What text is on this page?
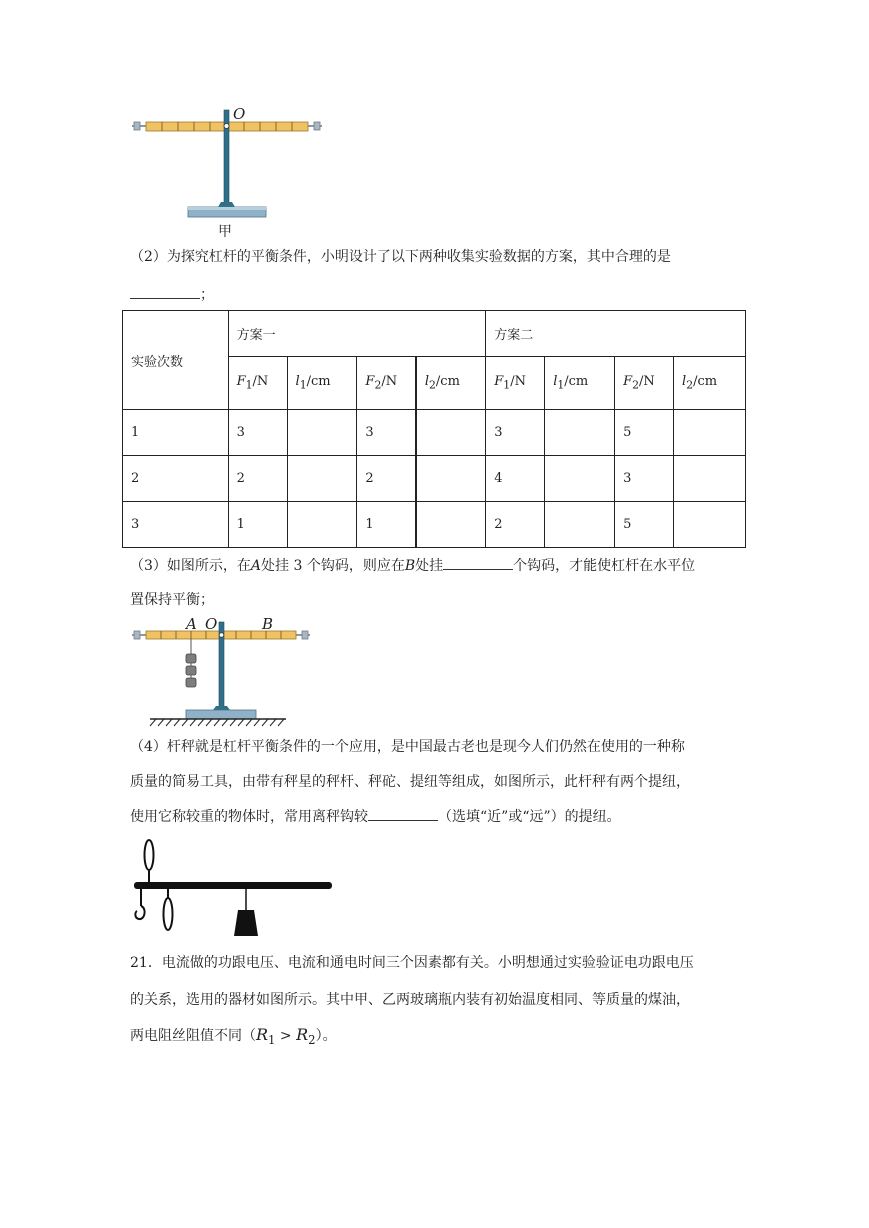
O
甲
（2）为探究杠杆的平衡条件，小明设计了以下两种收集实验数据的方案，其中合理的是
；
实验次数	方案一				方案二			
	$F_1/N$	$l_1/cm$	$F_2/N$	$l_2/cm$	$F_1/N$	$l_1/cm$	$F_2/N$	$l_2/cm$
1	3		3		3		5	
2	2		2		4		3	
3	1		1		2		5	
（3）如图所示，在A处挂 3 个钩码，则应在B处挂	个钩码，才能使杠杆在水平位
置保持平衡；
A O	B
（4）杆秤就是杠杆平衡条件的一个应用，是中国最古老也是现今人们仍然在使用的一种称
质量的简易工具，由带有秤星的秤杆、秤砣、提纽等组成，如图所示，此杆秤有两个提纽，
使用它称较重的物体时，常用离秤钩较	（选填“近”或“远”）的提纽。
21．电流做的功跟电压、电流和通电时间三个因素都有关。小明想通过实验验证电功跟电压
的关系，选用的器材如图所示。其中甲、乙两玻璃瓶内装有初始温度相同、等质量的煤油，
两电阻丝阻值不同$(R_1 > R_2)$。
